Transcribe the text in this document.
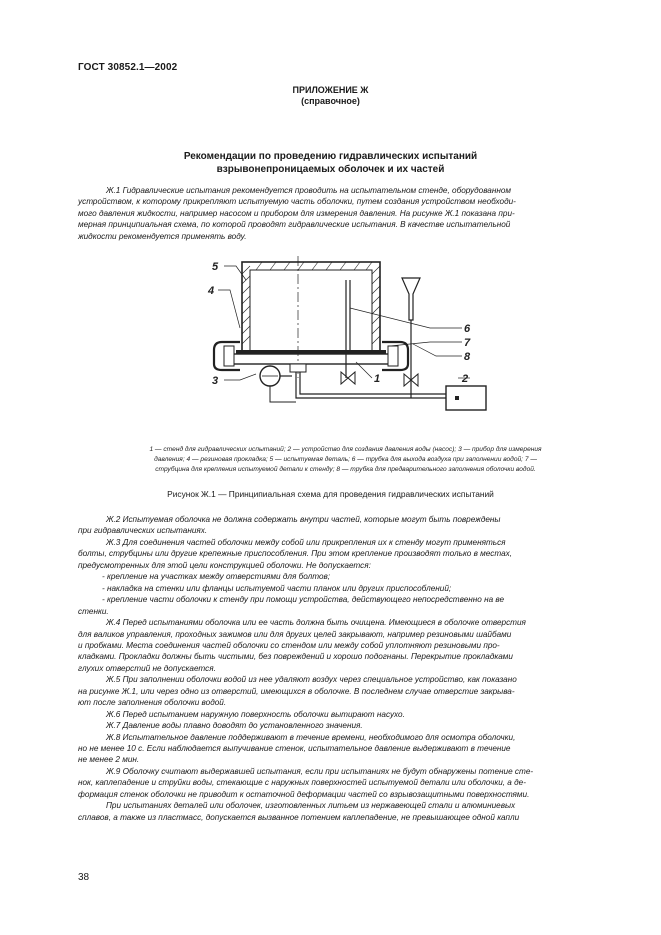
ГОСТ 30852.1—2002
ПРИЛОЖЕНИЕ Ж
(справочное)
Рекомендации по проведению гидравлических испытаний
взрывонепроницаемых оболочек и их частей
Ж.1 Гидравлические испытания рекомендуется проводить на испытательном стенде, оборудованном
устройством, к которому прикрепляют испытуемую часть оболочки, путем создания устройством необходи-
мого давления жидкости, например насосом и прибором для измерения давления. На рисунке Ж.1 показана при-
мерная принципиальная схема, по которой проводят гидравлические испытания. В качестве испытательной
жидкости рекомендуется применять воду.
5
4
6
7
8
1
3	2
1 — стенд для гидравлических испытаний; 2 — устройство для создания давления воды (насос); 3 — прибор для измерения
давления; 4 — резиновая прокладка; 5 — испытуемая деталь; 6 — трубка для выхода воздуха при заполнении водой; 7 —
струбцина для крепления испытуемой детали к стенду; 8 — трубка для предварительного заполнения оболочки водой.
Рисунок Ж.1 — Принципиальная схема для проведения гидравлических испытаний
Ж.2 Испытуемая оболочка не должна содержать внутри частей, которые могут быть повреждены
при гидравлических испытаниях.
Ж.3 Для соединения частей оболочки между собой или прикрепления их к стенду могут применяться
болты, струбцины или другие крепежные приспособления. При этом крепление производят только в местах,
предусмотренных для этой цели конструкцией оболочки. Не допускается:
- крепление на участках между отверстиями для болтов;
- накладка на стенки или фланцы испытуемой части планок или других приспособлений;
- крепление части оболочки к стенду при помощи устройства, действующего непосредственно на ве
стенки.
Ж.4 Перед испытаниями оболочка или ее часть должна быть очищена. Имеющиеся в оболочке отверстия
для валиков управления, проходных зажимов или для других целей закрывают, например резиновыми шайбами
и пробками. Места соединения частей оболочки со стендом или между собой уплотняют резиновыми про-
кладками. Прокладки должны быть чистыми, без повреждений и хорошо подогнаны. Перекрытие прокладками
глухих отверстий не допускается.
Ж.5 При заполнении оболочки водой из нее удаляют воздух через специальное устройство, как показано
на рисунке Ж.1, или через одно из отверстий, имеющихся в оболочке. В последнем случае отверстие закрыва-
ют после заполнения оболочки водой.
Ж.6 Перед испытанием наружную поверхность оболочки вытирают насухо.
Ж.7 Давление воды плавно доводят до установленного значения.
Ж.8 Испытательное давление поддерживают в течение времени, необходимого для осмотра оболочки,
но не менее 10 с. Если наблюдается выпучивание стенок, испытательное давление выдерживают в течение
не менее 2 мин.
Ж.9 Оболочку считают выдержавшей испытания, если при испытаниях не будут обнаружены потение сте-
нок, каплепадение и струйки воды, стекающие с наружных поверхностей испытуемой детали или оболочки, а де-
формация стенок оболочки не приводит к остаточной деформации частей со взрывозащитными поверхностями.
При испытаниях деталей или оболочек, изготовленных литьем из нержавеющей стали и алюминиевых
сплавов, а также из пластмасс, допускается вызванное потением каплепадение, не превышающее одной капли
38
